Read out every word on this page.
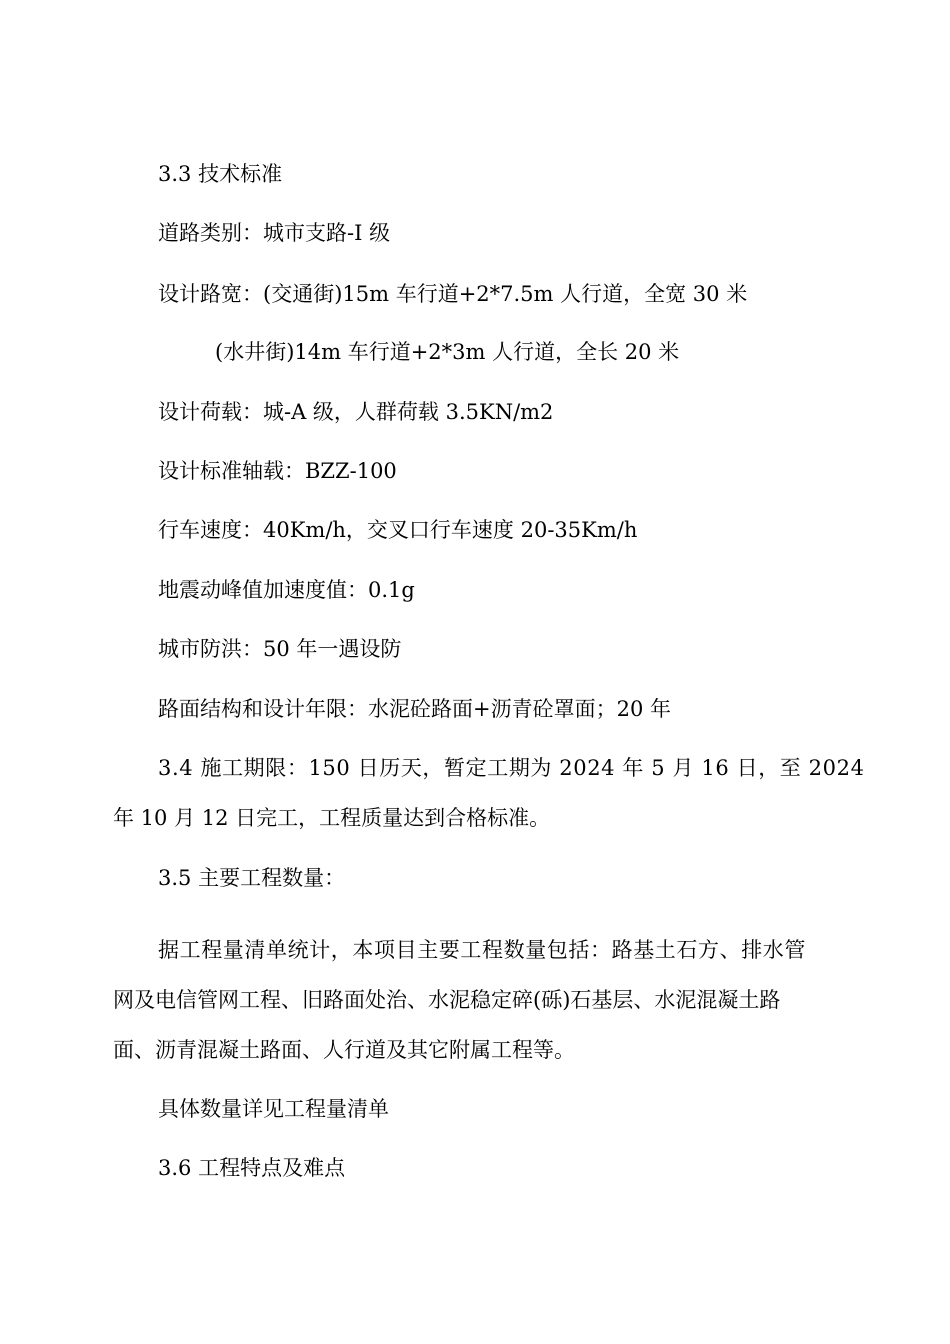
3.3 技术标准
道路类别：城市支路-I 级
设计路宽：(交通街)15m 车行道+2*7.5m 人行道，全宽 30 米
(水井街)14m 车行道+2*3m 人行道，全长 20 米
设计荷载：城-A 级，人群荷载 3.5KN/m2
设计标准轴载：BZZ-100
行车速度：40Km/h，交叉口行车速度 20-35Km/h
地震动峰值加速度值：0.1g
城市防洪：50 年一遇设防
路面结构和设计年限：水泥砼路面+沥青砼罩面；20 年
3.4 施工期限：150 日历天，暂定工期为 2024 年 5 月 16 日，至 2024
年 10 月 12 日完工，工程质量达到合格标准。
3.5 主要工程数量：
据工程量清单统计，本项目主要工程数量包括：路基土石方、排水管
网及电信管网工程、旧路面处治、水泥稳定碎(砾)石基层、水泥混凝土路
面、沥青混凝土路面、人行道及其它附属工程等。
具体数量详见工程量清单
3.6 工程特点及难点
